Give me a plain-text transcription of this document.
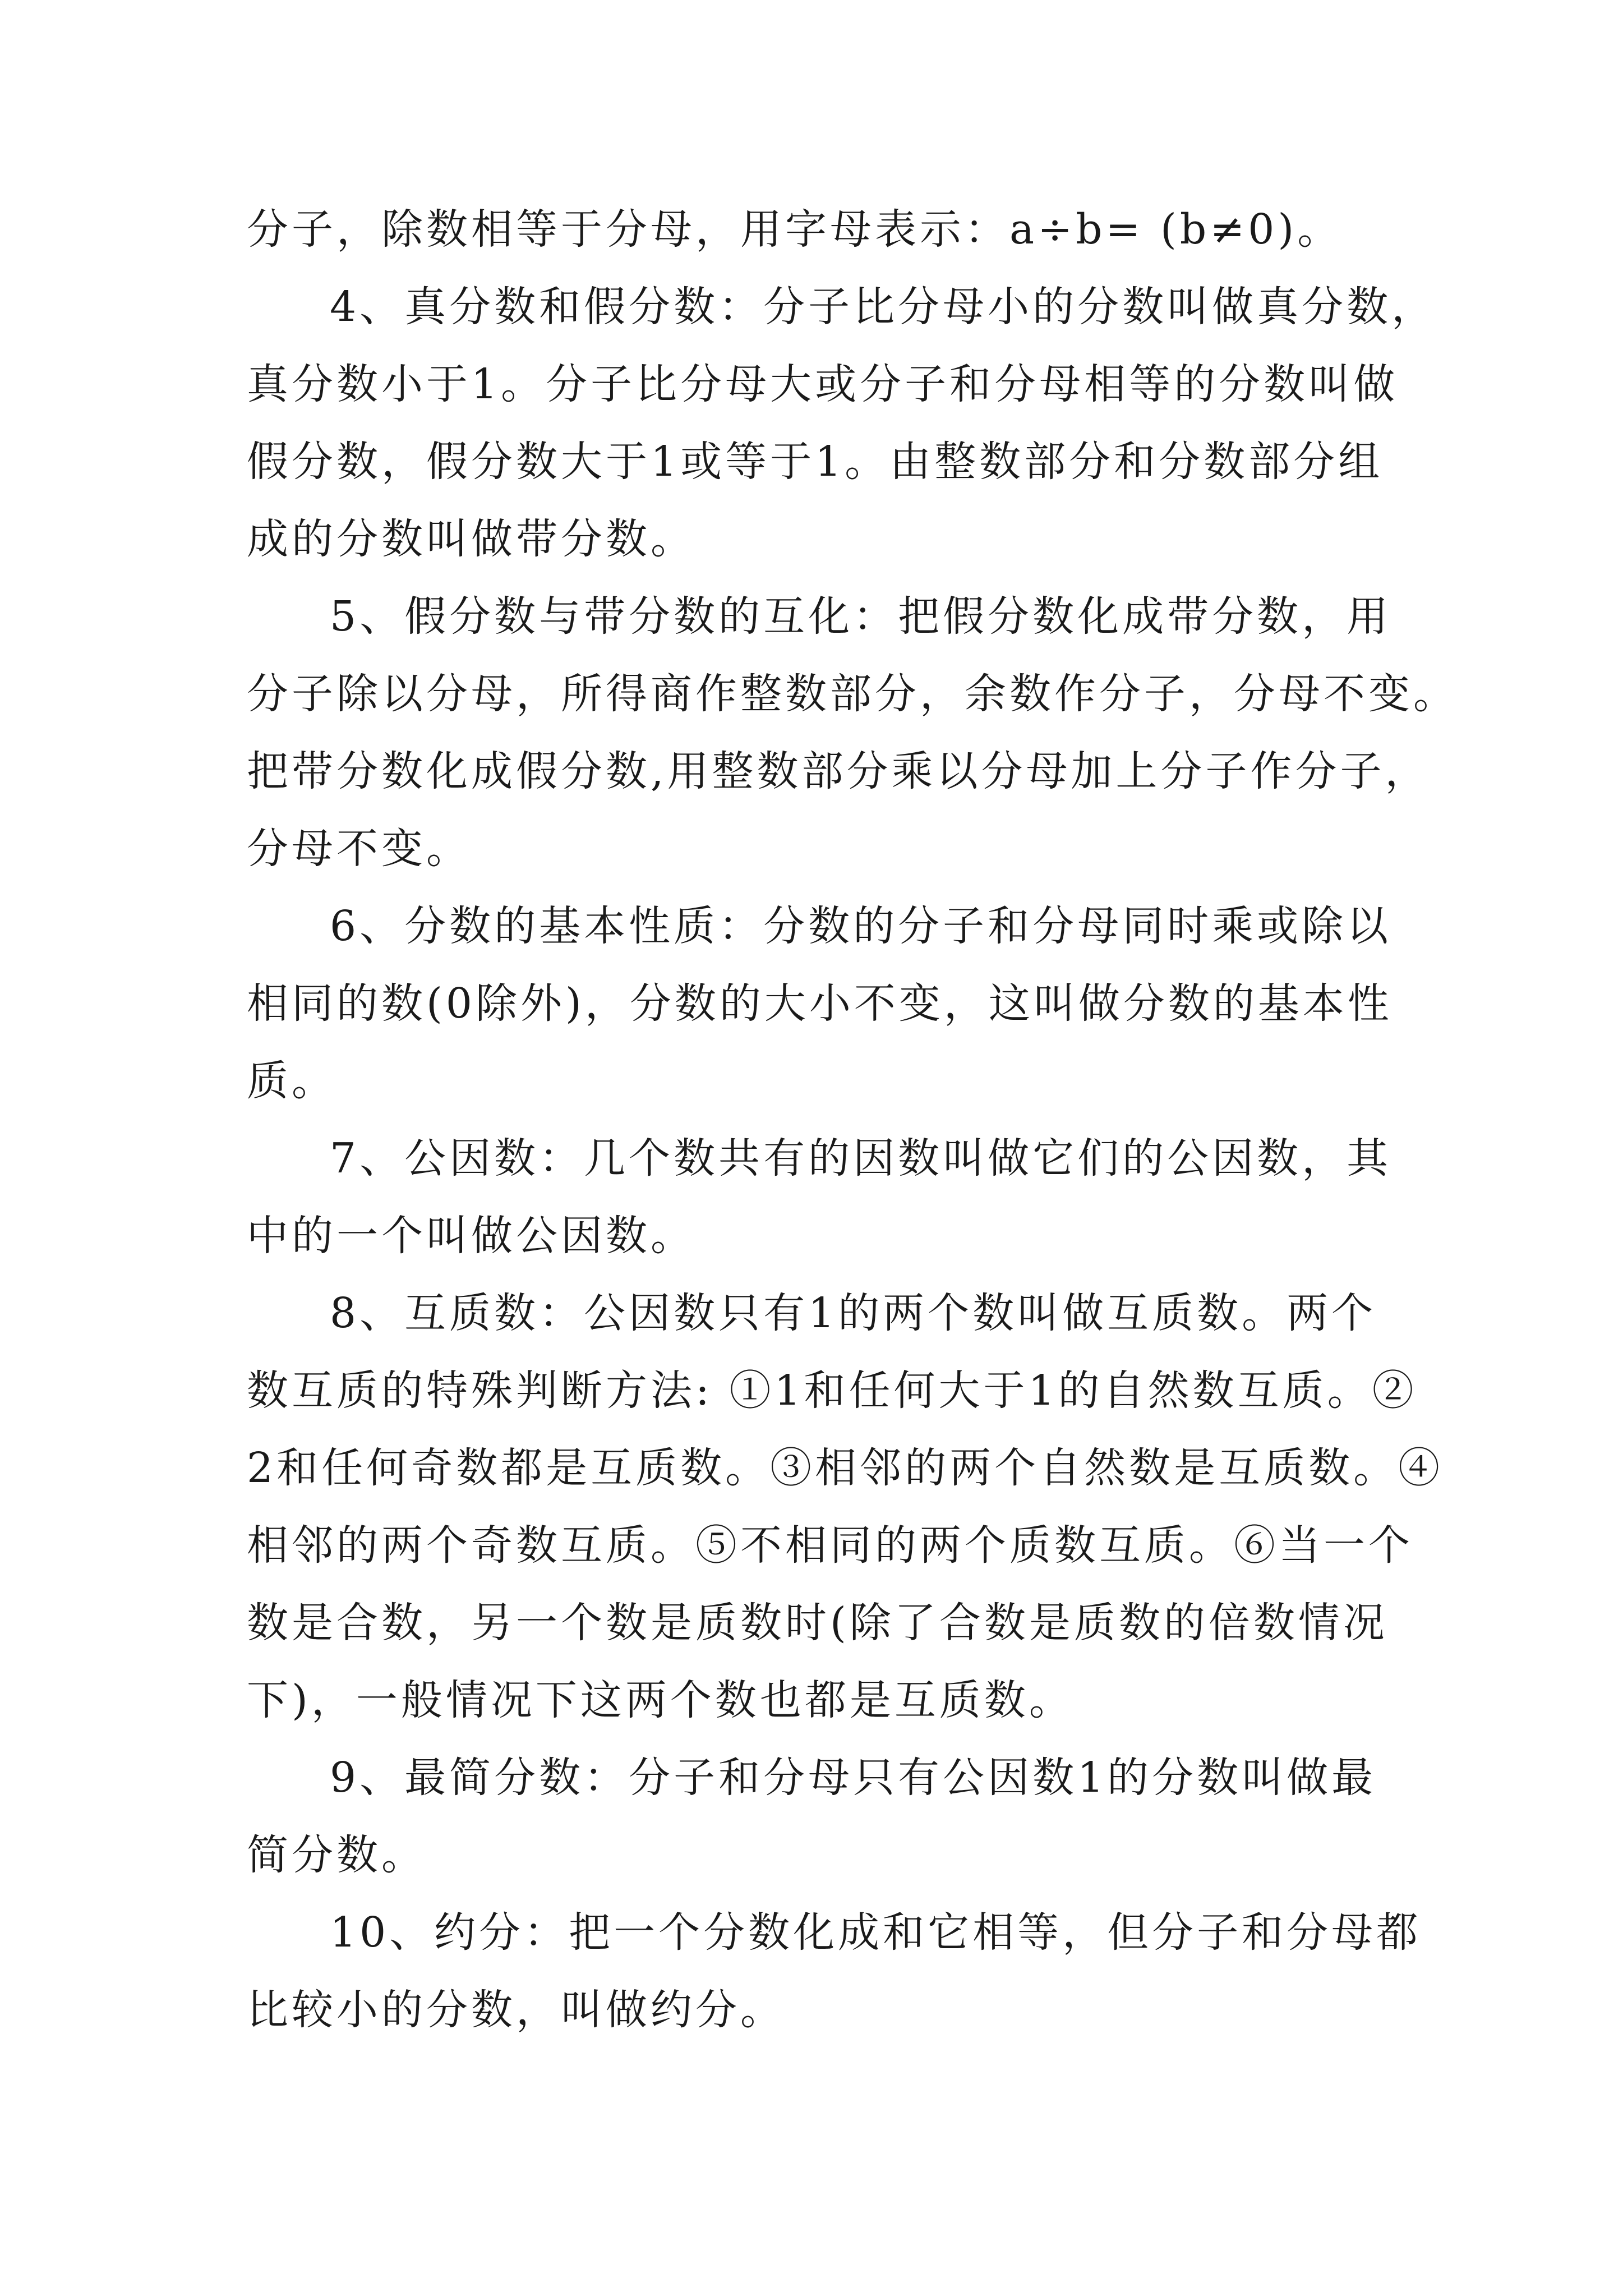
分子，除数相等于分母，用字母表示：a÷b= (b≠0)。
4、真分数和假分数：分子比分母小的分数叫做真分数，
真分数小于1。分子比分母大或分子和分母相等的分数叫做
假分数，假分数大于1或等于1。由整数部分和分数部分组
成的分数叫做带分数。
5、假分数与带分数的互化：把假分数化成带分数，用
分子除以分母，所得商作整数部分，余数作分子，分母不变。
把带分数化成假分数,用整数部分乘以分母加上分子作分子，
分母不变。
6、分数的基本性质：分数的分子和分母同时乘或除以
相同的数(0除外)，分数的大小不变，这叫做分数的基本性
质。
7、公因数：几个数共有的因数叫做它们的公因数，其
中的一个叫做公因数。
8、互质数：公因数只有1的两个数叫做互质数。两个
数互质的特殊判断方法: ①1和任何大于1的自然数互质。②
2和任何奇数都是互质数。③相邻的两个自然数是互质数。④
相邻的两个奇数互质。⑤不相同的两个质数互质。⑥当一个
数是合数，另一个数是质数时(除了合数是质数的倍数情况
下)，一般情况下这两个数也都是互质数。
9、最简分数：分子和分母只有公因数1的分数叫做最
简分数。
10、约分：把一个分数化成和它相等，但分子和分母都
比较小的分数，叫做约分。
